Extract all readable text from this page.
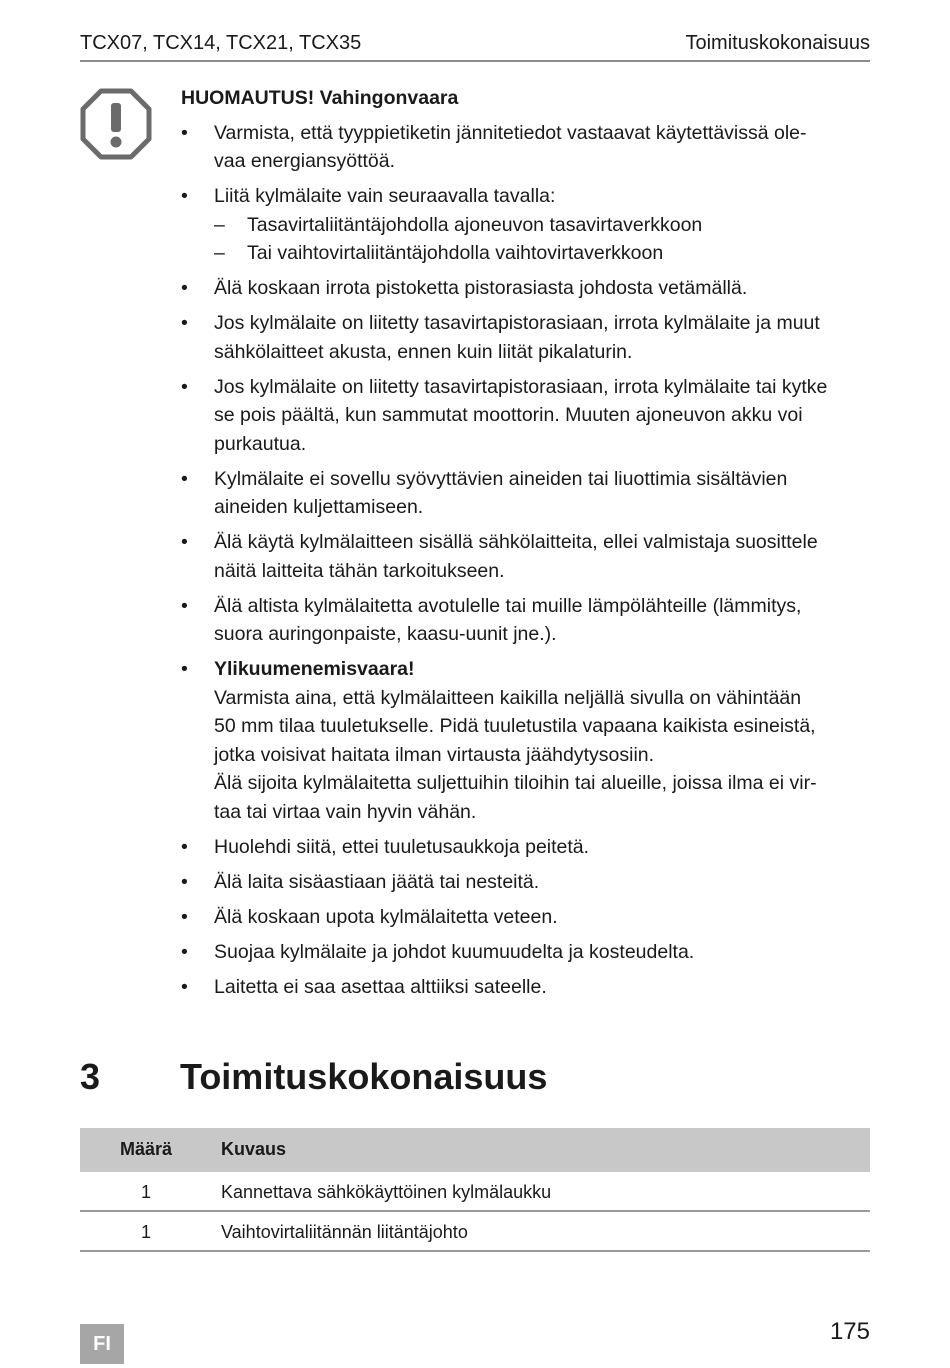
TCX07, TCX14, TCX21, TCX35	Toimituskokonaisuus
HUOMAUTUS! Vahingonvaara
• Varmista, että tyyppietiketin jännitetiedot vastaavat käytettävissä ole-
vaa energiansyöttöä.
• Liitä kylmälaite vain seuraavalla tavalla:
– Tasavirtaliitäntäjohdolla ajoneuvon tasavirtaverkkoon
– Tai vaihtovirtaliitäntäjohdolla vaihtovirtaverkkoon
• Älä koskaan irrota pistoketta pistorasiasta johdosta vetämällä.
• Jos kylmälaite on liitetty tasavirtapistorasiaan, irrota kylmälaite ja muut
sähkölaitteet akusta, ennen kuin liität pikalaturin.
• Jos kylmälaite on liitetty tasavirtapistorasiaan, irrota kylmälaite tai kytke
se pois päältä, kun sammutat moottorin. Muuten ajoneuvon akku voi
purkautua.
• Kylmälaite ei sovellu syövyttävien aineiden tai liuottimia sisältävien
aineiden kuljettamiseen.
• Älä käytä kylmälaitteen sisällä sähkölaitteita, ellei valmistaja suosittele
näitä laitteita tähän tarkoitukseen.
• Älä altista kylmälaitetta avotulelle tai muille lämpölähteille (lämmitys,
suora auringonpaiste, kaasu-uunit jne.).
• Ylikuumenemisvaara!
Varmista aina, että kylmälaitteen kaikilla neljällä sivulla on vähintään
50 mm tilaa tuuletukselle. Pidä tuuletustila vapaana kaikista esineistä,
jotka voisivat haitata ilman virtausta jäähdytysosiin.
Älä sijoita kylmälaitetta suljettuihin tiloihin tai alueille, joissa ilma ei vir-
taa tai virtaa vain hyvin vähän.
• Huolehdi siitä, ettei tuuletusaukkoja peitetä.
• Älä laita sisäastiaan jäätä tai nesteitä.
• Älä koskaan upota kylmälaitetta veteen.
• Suojaa kylmälaite ja johdot kuumuudelta ja kosteudelta.
• Laitetta ei saa asettaa alttiiksi sateelle.
3 Toimituskokonaisuus
Määrä	Kuvaus
1	Kannettava sähkökäyttöinen kylmälaukku
1	Vaihtovirtaliitännän liitäntäjohto
FI	175
